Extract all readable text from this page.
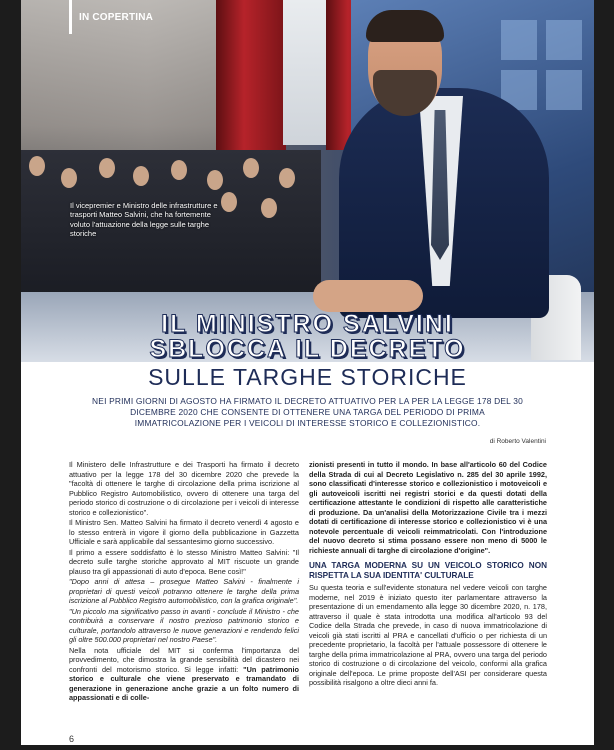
IN COPERTINA
Il vicepremier e Ministro delle infrastrutture e trasporti Matteo Salvini, che ha fortemente voluto l'attuazione della legge sulle targhe storiche
IL MINISTRO SALVINI
SBLOCCA IL DECRETO
SULLE TARGHE STORICHE
NEI PRIMI GIORNI DI AGOSTO HA FIRMATO IL DECRETO ATTUATIVO PER LA PER LA LEGGE 178 DEL 30 DICEMBRE 2020 CHE CONSENTE DI OTTENERE UNA TARGA DEL PERIODO DI PRIMA IMMATRICOLAZIONE PER I VEICOLI DI INTERESSE STORICO E COLLEZIONISTICO.
di Roberto Valentini

Il Ministero delle Infrastrutture e dei Trasporti ha firmato il decreto attuativo per la legge 178 del 30 dicembre 2020 che prevede la "facoltà di ottenere le targhe di circolazione della prima iscrizione al Pubblico Registro Automobilistico, ovvero di ottenere una targa del periodo storico di costruzione o di circolazione per i veicoli di interesse storico e collezionistico".

Il Ministro Sen. Matteo Salvini ha firmato il decreto venerdì 4 agosto e lo stesso entrerà in vigore il giorno della pubblicazione in Gazzetta Ufficiale e sarà applicabile dal sessantesimo giorno successivo.

Il primo a essere soddisfatto è lo stesso Ministro Matteo Salvini: "Il decreto sulle targhe storiche approvato al MIT riscuote un grande plauso tra gli appassionati di auto d'epoca. Bene così!"

"Dopo anni di attesa – prosegue Matteo Salvini - finalmente i proprietari di questi veicoli potranno ottenere le targhe della prima iscrizione al Pubblico Registro automobilistico, con la grafica originale".

"Un piccolo ma significativo passo in avanti - conclude il Ministro - che contribuirà a conservare il nostro prezioso patrimonio storico e culturale, portandolo attraverso le nuove generazioni e rendendo felici gli oltre 500.000 proprietari nel nostro Paese".

Nella nota ufficiale del MIT si conferma l'importanza del provvedimento, che dimostra la grande sensibilità del dicastero nei confronti del motorismo storico. Si legge infatti: "Un patrimonio storico e culturale che viene preservato e tramandato di generazione in generazione anche grazie a un folto numero di appassionati e di colle-

zionisti presenti in tutto il mondo. In base all'articolo 60 del Codice della Strada di cui al Decreto Legislativo n. 285 del 30 aprile 1992, sono classificati d'interesse storico e collezionistico i motoveicoli e gli autoveicoli iscritti nei registri storici e da questi dotati della certificazione attestante le condizioni di rispetto alle caratteristiche di produzione. Da un'analisi della Motorizzazione Civile tra i mezzi dotati di certificazione di interesse storico e collezionistico vi è una notevole percentuale di veicoli reimmatricolati. Con l'introduzione del nuovo decreto si stima possano essere non meno di 5000 le richieste annuali di targhe di circolazione d'origine".

UNA TARGA MODERNA SU UN VEICOLO STORICO NON RISPETTA LA SUA IDENTITA' CULTURALE

Su questa teoria e sull'evidente stonatura nel vedere veicoli con targhe moderne, nel 2019 è iniziato questo iter parlamentare attraverso la presentazione di un emendamento alla legge 30 dicembre 2020, n. 178, attraverso il quale è stata introdotta una modifica all'articolo 93 del Codice della Strada che prevede, in caso di nuova immatricolazione di veicoli già stati iscritti al PRA e cancellati d'ufficio o per richiesta di un precedente proprietario, la facoltà per l'attuale possessore di ottenere le targhe della prima immatricolazione al PRA, ovvero una targa del periodo storico di costruzione o di circolazione del veicolo, conformi alla grafica originale dell'epoca. Le prime proposte dell'ASI per considerare questa possibilità risalgono a oltre dieci anni fa.

6
